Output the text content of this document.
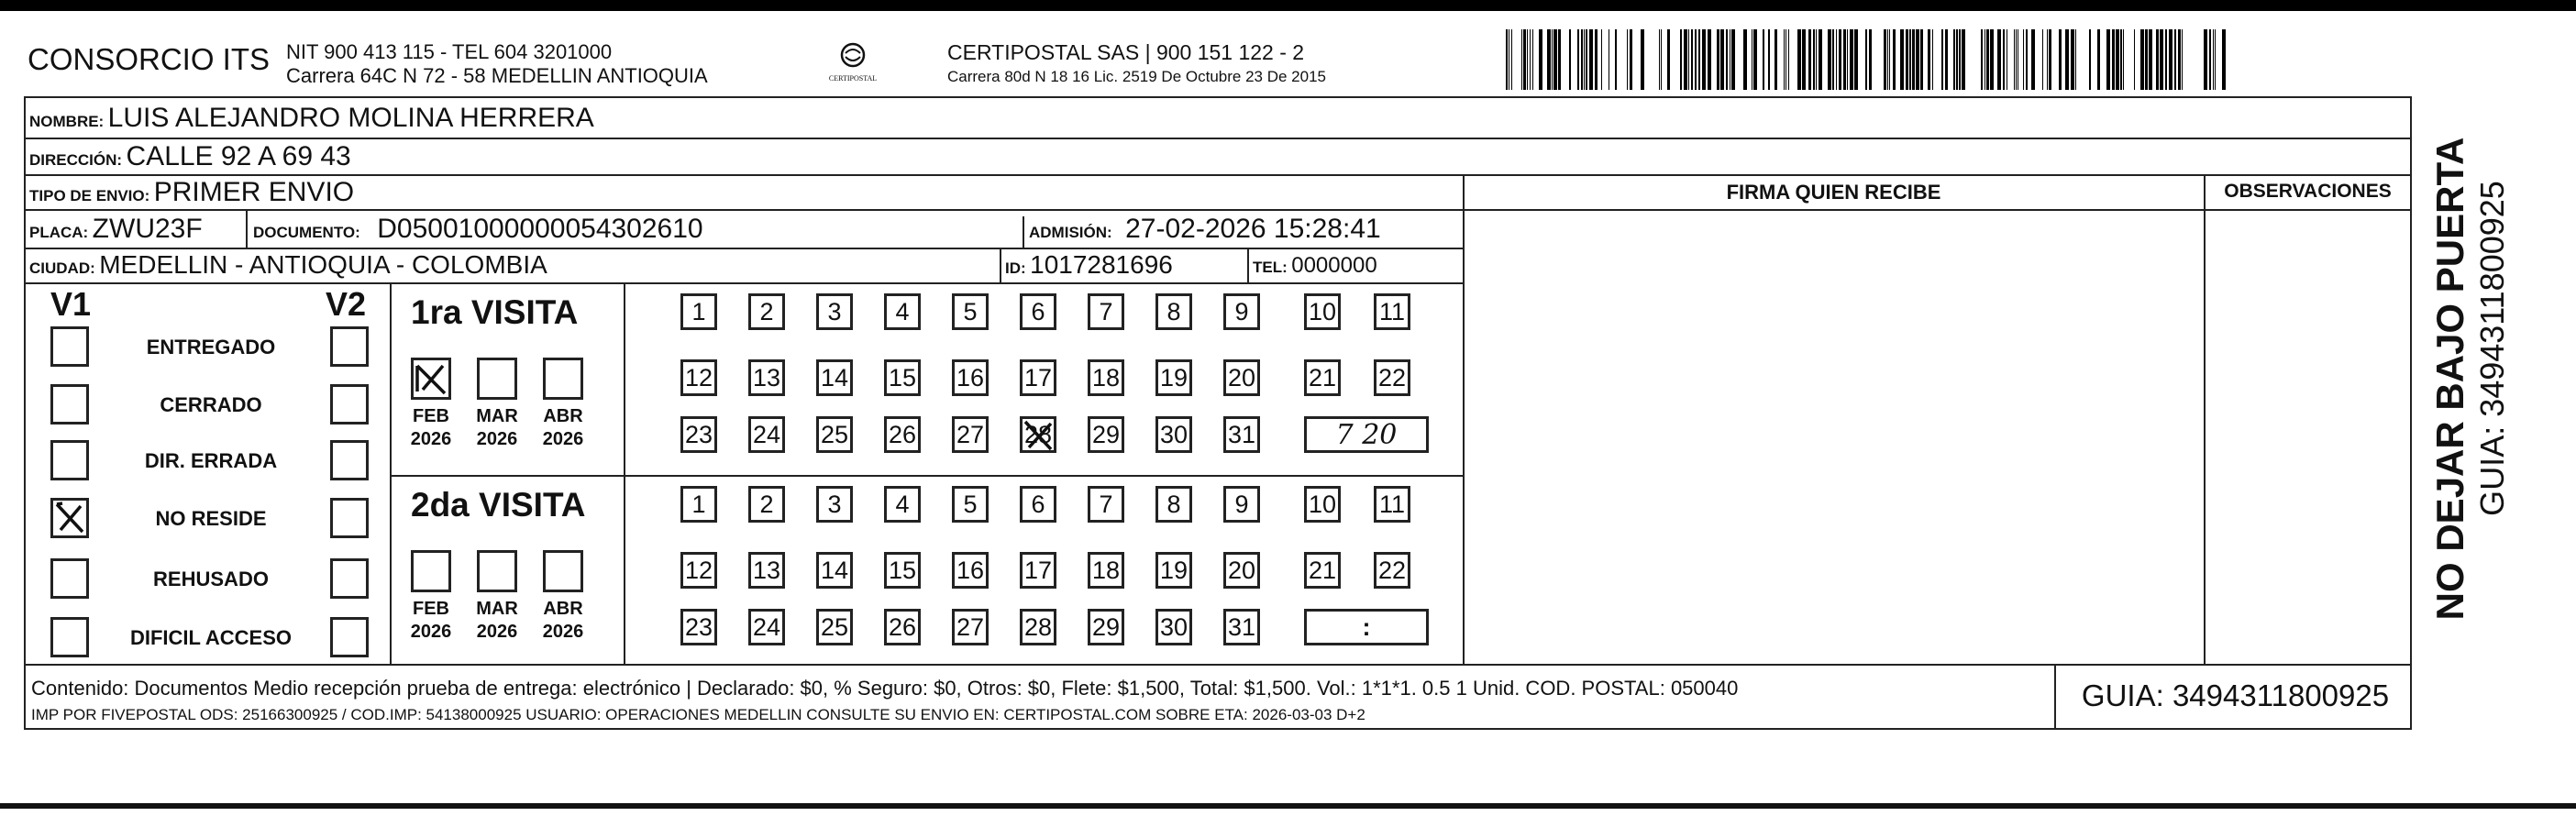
CONSORCIO ITS NIT 900 413 115 - TEL 604 3201000
Carrera 64C N 72 - 58 MEDELLIN ANTIOQUIA	CERTIPOSTAL
CERTIPOSTAL SAS | 900 151 122 - 2
Carrera 80d N 18 16 Lic. 2519 De Octubre 23 De 2015
NOMBRE: LUIS ALEJANDRO MOLINA HERRERA
DIRECCIÓN: CALLE 92 A 69 43
TIPO DE ENVIO: PRIMER ENVIO
PLACA: ZWU23F	DOCUMENTO: D05001000000054302610	ADMISIÓN: 27-02-2026 15:28:41
CIUDAD: MEDELLIN - ANTIOQUIA - COLOMBIA	ID: 1017281696	TEL: 0000000
FIRMA QUIEN RECIBE	OBSERVACIONES
V1	V2
ENTREGADO
CERRADO
DIR. ERRADA
NO RESIDE
REHUSADO
DIFICIL ACCESO
1ra VISITA
FEB
2026
MAR
2026
ABR
2026
1 2 3 4 5 6 7 8 9 10 11
12 13 14 15 16 17 18 19 20 21 22
23 24 25 26 27 28 29 30 31	7 20
2da VISITA
FEB
2026
MAR
2026
ABR
2026
1 2 3 4 5 6 7 8 9 10 11
12 13 14 15 16 17 18 19 20 21 22
23 24 25 26 27 28 29 30 31	:
Contenido: Documentos Medio recepción prueba de entrega: electrónico | Declarado: $0, % Seguro: $0, Otros: $0, Flete: $1,500, Total: $1,500. Vol.: 1*1*1. 0.5 1 Unid. COD. POSTAL: 050040
IMP POR FIVEPOSTAL ODS: 25166300925 / COD.IMP: 54138000925 USUARIO: OPERACIONES MEDELLIN CONSULTE SU ENVIO EN: CERTIPOSTAL.COM SOBRE ETA: 2026-03-03 D+2
GUIA: 3494311800925
NO DEJAR BAJO PUERTA GUIA: 3494311800925
